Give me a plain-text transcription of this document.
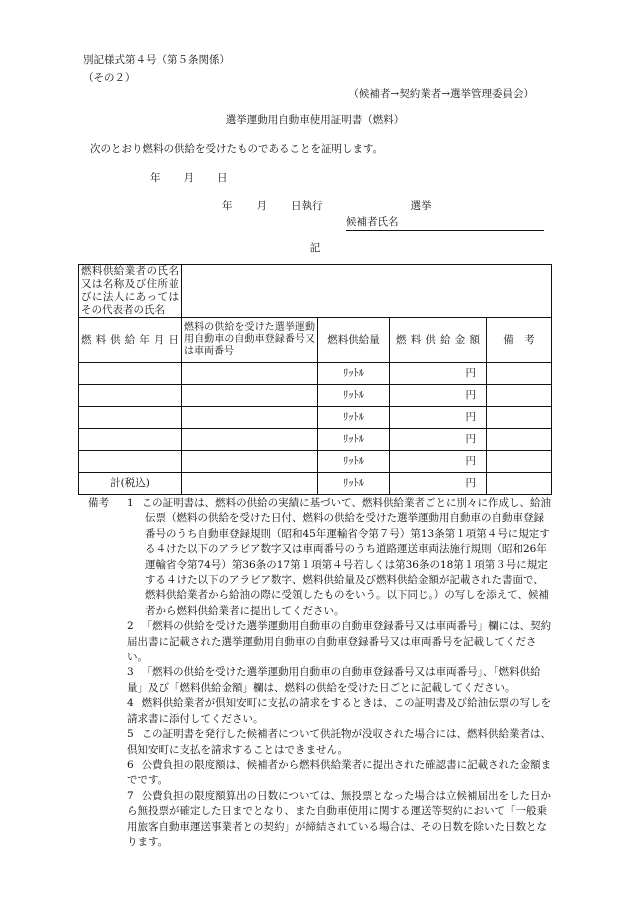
別記様式第４号（第５条関係）
（その２）
（候補者→契約業者→選挙管理委員会）
選挙運動用自動車使用証明書（燃料）
次のとおり燃料の供給を受けたものであることを証明します。
年 月 日
年 月 日執行	選挙
候補者氏名
記
燃料供給業者の氏名又は名称及び住所並びに法人にあってはその代表者の氏名				
燃料供給年月日	燃料の供給を受けた選挙運動用自動車の自動車登録番号又は車両番号	燃料供給量	燃料供給金額	備　考
		ﾘｯﾄﾙ	円	
		ﾘｯﾄﾙ	円	
		ﾘｯﾄﾙ	円	
		ﾘｯﾄﾙ	円	
		ﾘｯﾄﾙ	円	
計(税込)		ﾘｯﾄﾙ	円	
備考 1 この証明書は、燃料の供給の実績に基づいて、燃料供給業者ごとに別々に作成し、給油伝票（燃料の供給を受けた日付、燃料の供給を受けた選挙運動用自動車の自動車登録番号のうち自動車登録規則（昭和45年運輸省令第７号）第13条第１項第４号に規定する４けた以下のアラビア数字又は車両番号のうち道路運送車両法施行規則（昭和26年運輸省令第74号）第36条の17第１項第４号若しくは第36条の18第１項第３号に規定する４けた以下のアラビア数字、燃料供給量及び燃料供給金額が記載された書面で、燃料供給業者から給油の際に受領したものをいう。以下同じ。）の写しを添えて、候補者から燃料供給業者に提出してください。
2 「燃料の供給を受けた選挙運動用自動車の自動車登録番号又は車両番号」欄には、契約届出書に記載された選挙運動用自動車の自動車登録番号又は車両番号を記載してください。
3 「燃料の供給を受けた選挙運動用自動車の自動車登録番号又は車両番号」、「燃料供給量」及び「燃料供給金額」欄は、燃料の供給を受けた日ごとに記載してください。
4 燃料供給業者が倶知安町に支払の請求をするときは、この証明書及び給油伝票の写しを請求書に添付してください。
5 この証明書を発行した候補者について供託物が没収された場合には、燃料供給業者は、倶知安町に支払を請求することはできません。
6 公費負担の限度額は、候補者から燃料供給業者に提出された確認書に記載された金額までです。
7 公費負担の限度額算出の日数については、無投票となった場合は立候補届出をした日から無投票が確定した日までとなり、また自動車使用に関する運送等契約において「一般乗用旅客自動車運送事業者との契約」が締結されている場合は、その日数を除いた日数となります。
